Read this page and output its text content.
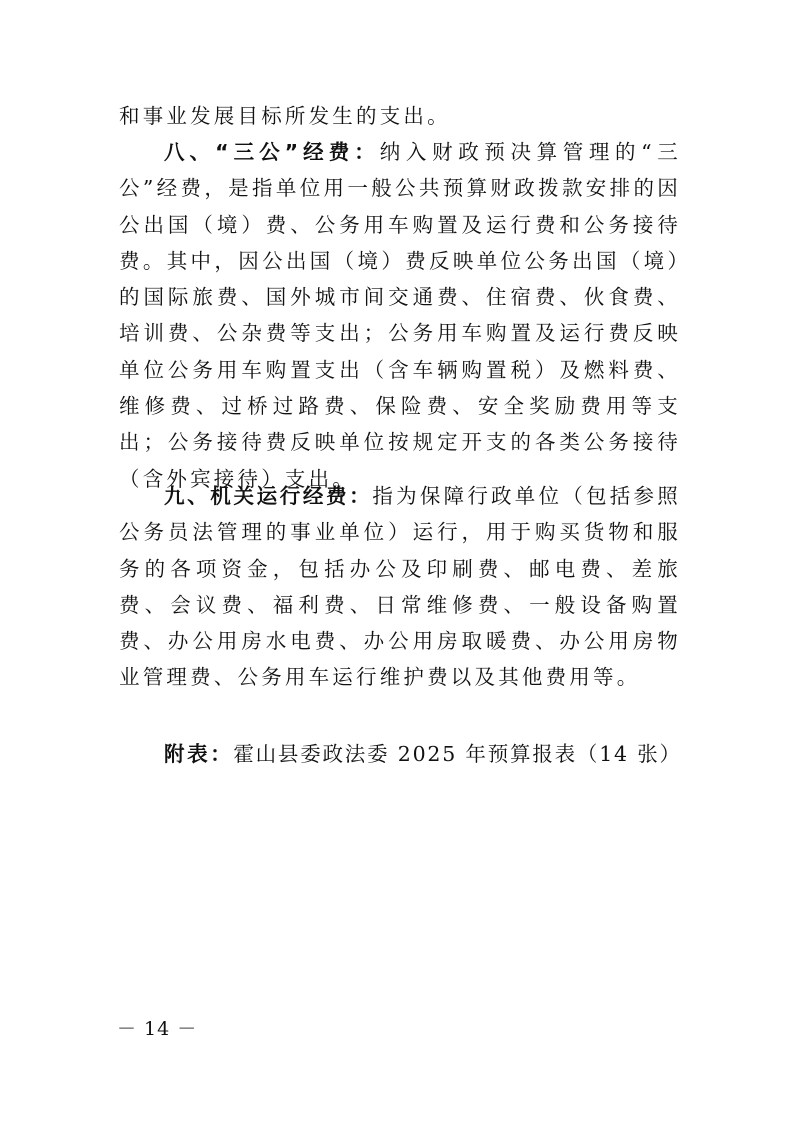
和事业发展目标所发生的支出。

八、“三公”经费：纳入财政预决算管理的“三公”经费，是指单位用一般公共预算财政拨款安排的因公出国（境）费、公务用车购置及运行费和公务接待费。其中，因公出国（境）费反映单位公务出国（境）的国际旅费、国外城市间交通费、住宿费、伙食费、培训费、公杂费等支出；公务用车购置及运行费反映单位公务用车购置支出（含车辆购置税）及燃料费、维修费、过桥过路费、保险费、安全奖励费用等支出；公务接待费反映单位按规定开支的各类公务接待（含外宾接待）支出。

九、机关运行经费：指为保障行政单位（包括参照公务员法管理的事业单位）运行，用于购买货物和服务的各项资金，包括办公及印刷费、邮电费、差旅费、会议费、福利费、日常维修费、一般设备购置费、办公用房水电费、办公用房取暖费、办公用房物业管理费、公务用车运行维护费以及其他费用等。

附表：霍山县委政法委 2025 年预算报表（14 张）
－ 14 －
